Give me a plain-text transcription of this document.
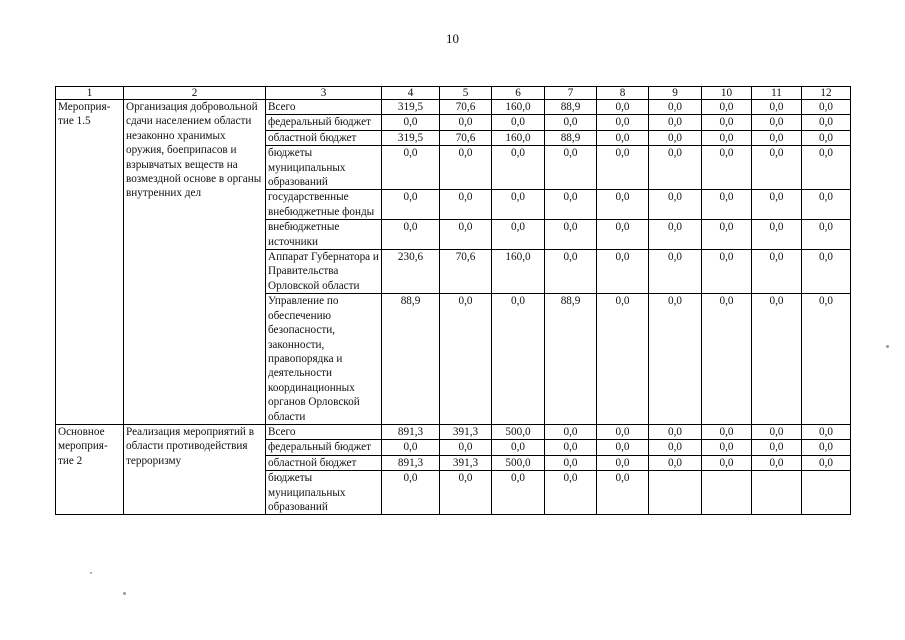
10
1	2	3	4	5	6	7	8	9	10	11	12
Мероприя-тие 1.5	Организация добровольной сдачи населением области незаконно хранимых оружия, боеприпасов и взрывчатых веществ на возмездной основе в органы внутренних дел	Всего	319,5	70,6	160,0	88,9	0,0	0,0	0,0	0,0	0,0
		федеральный бюджет	0,0	0,0	0,0	0,0	0,0	0,0	0,0	0,0	0,0
		областной бюджет	319,5	70,6	160,0	88,9	0,0	0,0	0,0	0,0	0,0
		бюджеты муниципальных образований	0,0	0,0	0,0	0,0	0,0	0,0	0,0	0,0	0,0
		государственные внебюджетные фонды	0,0	0,0	0,0	0,0	0,0	0,0	0,0	0,0	0,0
		внебюджетные источники	0,0	0,0	0,0	0,0	0,0	0,0	0,0	0,0	0,0
		Аппарат Губернатора и Правительства Орловской области	230,6	70,6	160,0	0,0	0,0	0,0	0,0	0,0	0,0
		Управление по обеспечению безопасности, законности, правопорядка и деятельности координационных органов Орловской области	88,9	0,0	0,0	88,9	0,0	0,0	0,0	0,0	0,0
Основное мероприя-тие 2	Реализация мероприятий в области противодействия терроризму	Всего	891,3	391,3	500,0	0,0	0,0	0,0	0,0	0,0	0,0
		федеральный бюджет	0,0	0,0	0,0	0,0	0,0	0,0	0,0	0,0	0,0
		областной бюджет	891,3	391,3	500,0	0,0	0,0	0,0	0,0	0,0	0,0
		бюджеты муниципальных образований	0,0	0,0	0,0	0,0	0,0				
